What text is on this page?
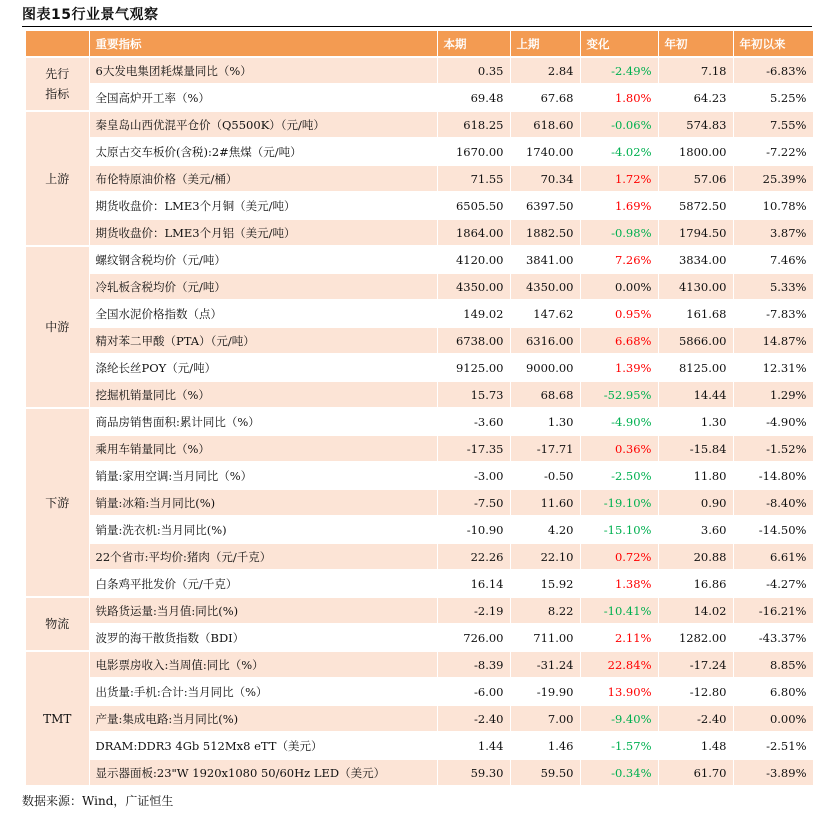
图表15行业景气观察
	重要指标	本期	上期	变化	年初	年初以来
先行指标	6大发电集团耗煤量同比（%）	0.35	2.84	-2.49%	7.18	-6.83%
	全国高炉开工率（%）	69.48	67.68	1.80%	64.23	5.25%
上游	秦皇岛山西优混平仓价（Q5500K）（元/吨）	618.25	618.60	-0.06%	574.83	7.55%
	太原古交车板价(含税):2#焦煤（元/吨）	1670.00	1740.00	-4.02%	1800.00	-7.22%
	布伦特原油价格（美元/桶）	71.55	70.34	1.72%	57.06	25.39%
	期货收盘价：LME3个月铜（美元/吨）	6505.50	6397.50	1.69%	5872.50	10.78%
	期货收盘价：LME3个月铝（美元/吨）	1864.00	1882.50	-0.98%	1794.50	3.87%
中游	螺纹钢含税均价（元/吨）	4120.00	3841.00	7.26%	3834.00	7.46%
	冷轧板含税均价（元/吨）	4350.00	4350.00	0.00%	4130.00	5.33%
	全国水泥价格指数（点）	149.02	147.62	0.95%	161.68	-7.83%
	精对苯二甲酸（PTA）（元/吨）	6738.00	6316.00	6.68%	5866.00	14.87%
	涤纶长丝POY（元/吨）	9125.00	9000.00	1.39%	8125.00	12.31%
	挖掘机销量同比（%）	15.73	68.68	-52.95%	14.44	1.29%
下游	商品房销售面积:累计同比（%）	-3.60	1.30	-4.90%	1.30	-4.90%
	乘用车销量同比（%）	-17.35	-17.71	0.36%	-15.84	-1.52%
	销量:家用空调:当月同比（%）	-3.00	-0.50	-2.50%	11.80	-14.80%
	销量:冰箱:当月同比(%)	-7.50	11.60	-19.10%	0.90	-8.40%
	销量:洗衣机:当月同比(%)	-10.90	4.20	-15.10%	3.60	-14.50%
	22个省市:平均价:猪肉（元/千克）	22.26	22.10	0.72%	20.88	6.61%
	白条鸡平批发价（元/千克）	16.14	15.92	1.38%	16.86	-4.27%
物流	铁路货运量:当月值:同比(%)	-2.19	8.22	-10.41%	14.02	-16.21%
	波罗的海干散货指数（BDI）	726.00	711.00	2.11%	1282.00	-43.37%
TMT	电影票房收入:当周值:同比（%）	-8.39	-31.24	22.84%	-17.24	8.85%
	出货量:手机:合计:当月同比（%）	-6.00	-19.90	13.90%	-12.80	6.80%
	产量:集成电路:当月同比(%)	-2.40	7.00	-9.40%	-2.40	0.00%
	DRAM:DDR3 4Gb 512Mx8 eTT（美元）	1.44	1.46	-1.57%	1.48	-2.51%
	显示器面板:23"W 1920x1080 50/60Hz LED（美元）	59.30	59.50	-0.34%	61.70	-3.89%
数据来源：Wind，广证恒生
